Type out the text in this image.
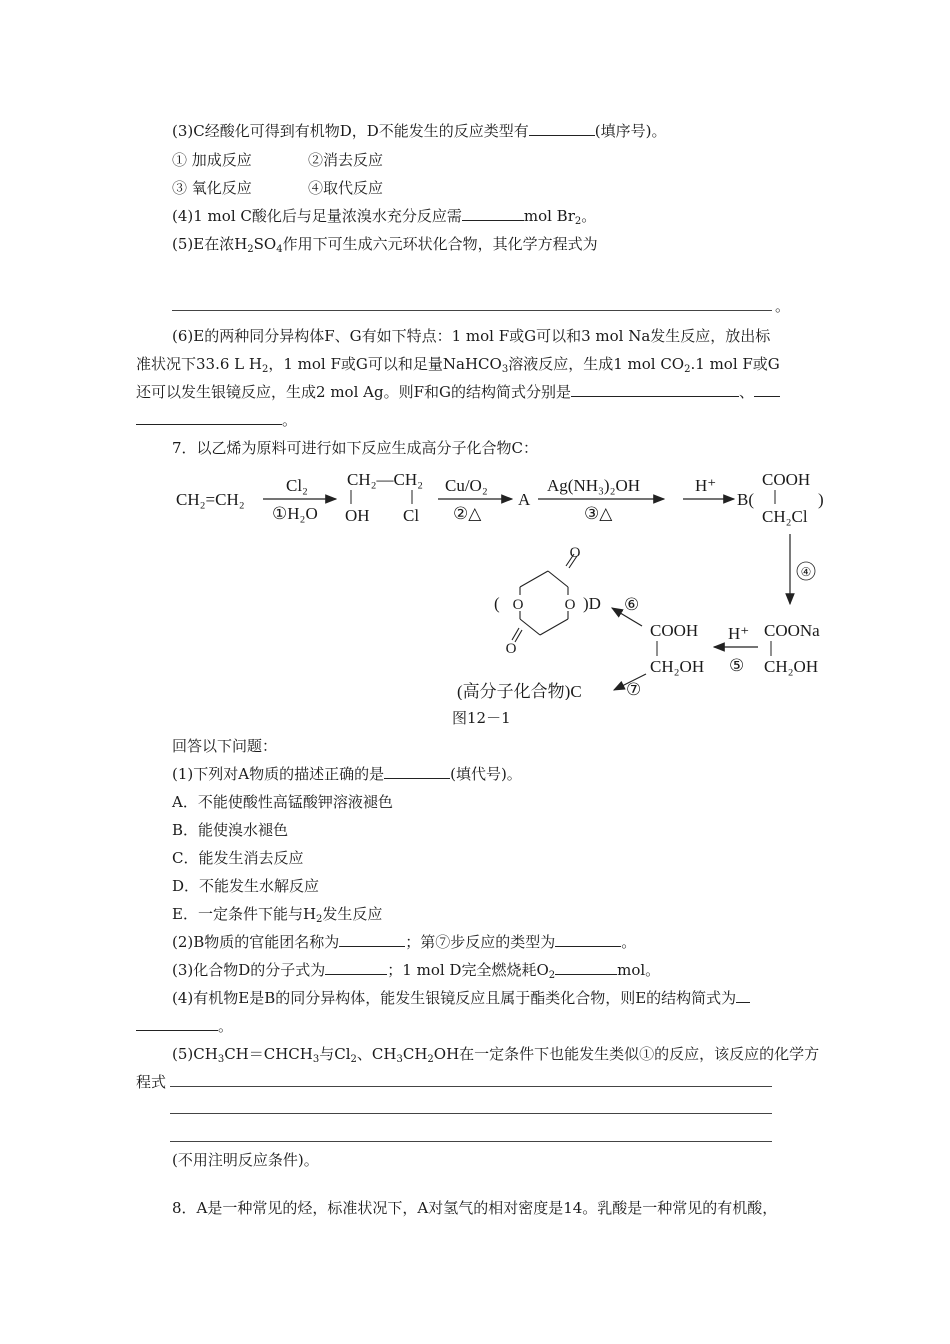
(3)C经酸化可得到有机物D，D不能发生的反应类型有	(填序号)。
① 加成反应	②消去反应
③ 氧化反应	④取代反应
(4)1 mol C酸化后与足量浓溴水充分反应需	mol $Br_2$。
(5)E在浓$H_2SO_4$作用下可生成六元环状化合物，其化学方程式为
。
(6)E的两种同分异构体F、G有如下特点：1 mol F或G可以和3 mol Na发生反应，放出标
准状况下33.6 L $H_2$，1 mol F或G可以和足量NaHCO$_3$溶液反应，生成1 mol $CO_2.1$ mol F或G
还可以发生银镜反应，生成2 mol Ag。则F和G的结构简式分别是	、
。
7．以乙烯为原料可进行如下反应生成高分子化合物C：
CH₂=CH₂
Cl₂
①H₂O
CH₂—CH₂
OH Cl
Cu/O₂
②△
A
Ag(NH₃)₂OH
③△
H⁺
B(
COOH
)
CH₂Cl
④
COONa
CH₂OH
H⁺
⑤
COOH
CH₂OH
⑥
⑦
(高分子化合物)C
O
O
O
O
(	)D
图12－1
回答以下问题：
(1)下列对A物质的描述正确的是	(填代号)。
A．不能使酸性高锰酸钾溶液褪色
B．能使溴水褪色
C．能发生消去反应
D．不能发生水解反应
E．一定条件下能与$H_2$发生反应
(2)B物质的官能团名称为	；第⑦步反应的类型为	。
(3)化合物D的分子式为	；1 mol D完全燃烧耗$O_2$	mol。
(4)有机物E是B的同分异构体，能发生银镜反应且属于酯类化合物，则E的结构简式为
。
$(5)CH_3CH=CHCH_3$与$Cl_2$、$CH_3CH_2OH$在一定条件下也能发生类似①的反应，该反应的化学方
程式
(不用注明反应条件)。
8．A是一种常见的烃，标准状况下，A对氢气的相对密度是14。乳酸是一种常见的有机酸，
